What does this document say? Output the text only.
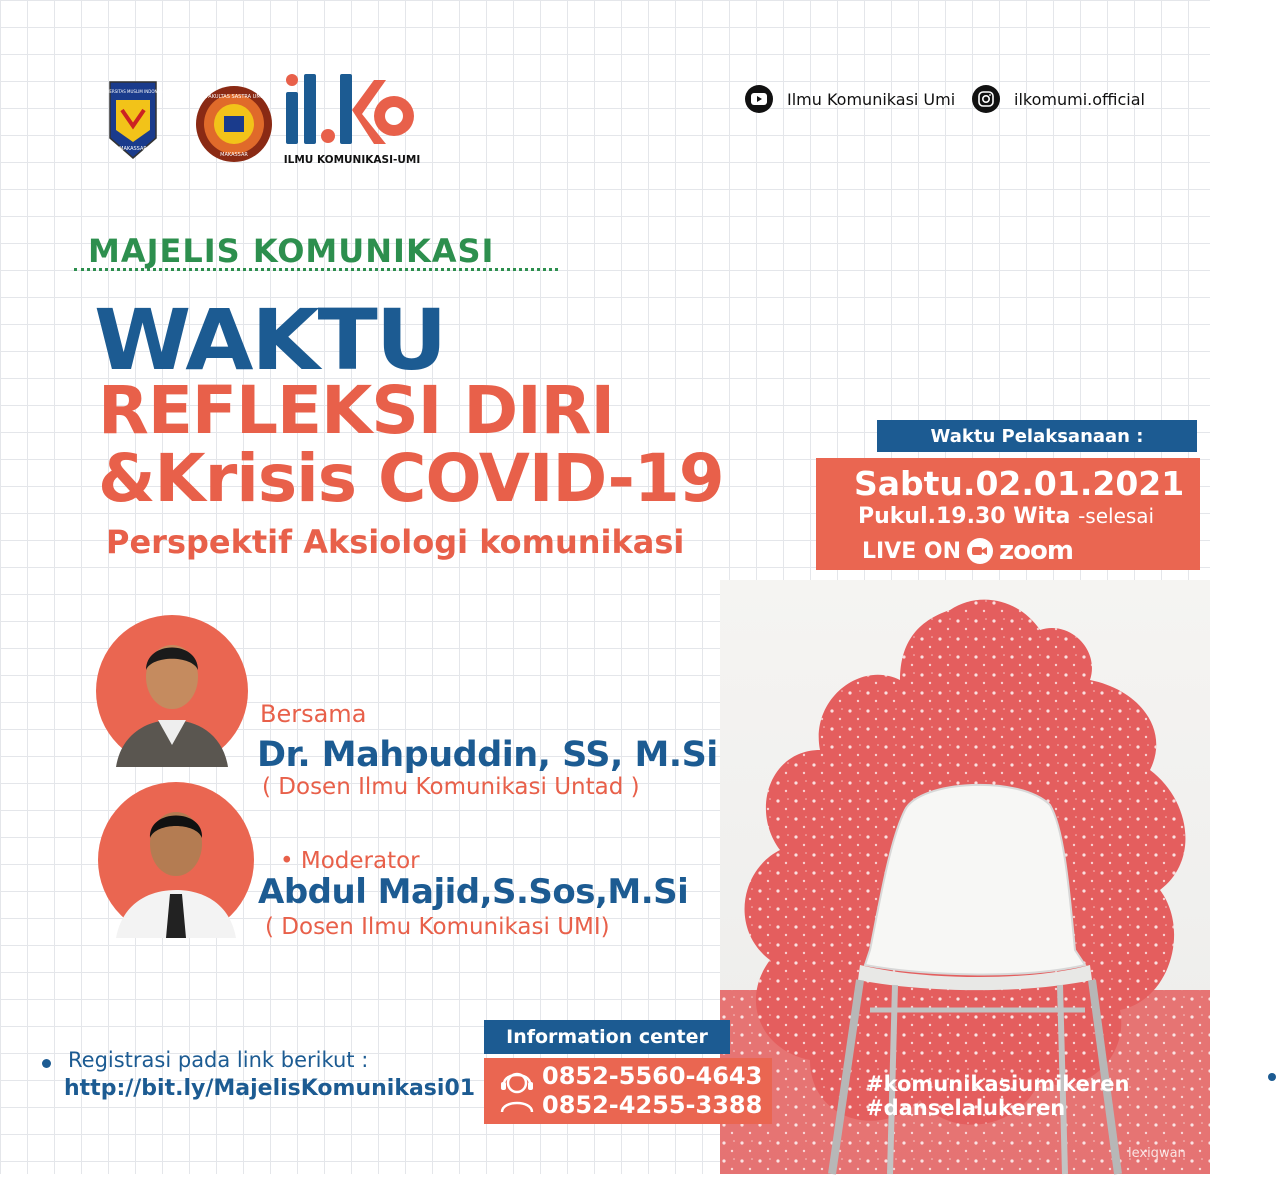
UNIVERSITAS MUSLIM INDONESIA
MAKASSAR
FAKULTAS SASTRA UMI
MAKASSAR	ILMU KOMUNIKASI-UMI
Ilmu Komunikasi Umi	ilkomumi.official
MAJELIS KOMUNIKASI
WAKTU
REFLEKSI DIRI
&Krisis COVID-19
Perspektif Aksiologi komunikasi
Waktu Pelaksanaan :
Sabtu.02.01.2021
Pukul.19.30 Wita -selesai
LIVE ON zoom
Bersama
Dr. Mahpuddin, SS, M.Si
( Dosen Ilmu Komunikasi Untad )
• Moderator
Abdul Majid,S.Sos,M.Si
( Dosen Ilmu Komunikasi UMI)
Registrasi pada link berikut :
http://bit.ly/MajelisKomunikasi01
Information center
0852-5560-4643
0852-4255-3388
#komunikasiumikeren
#danselalukeren
lexiqwan
